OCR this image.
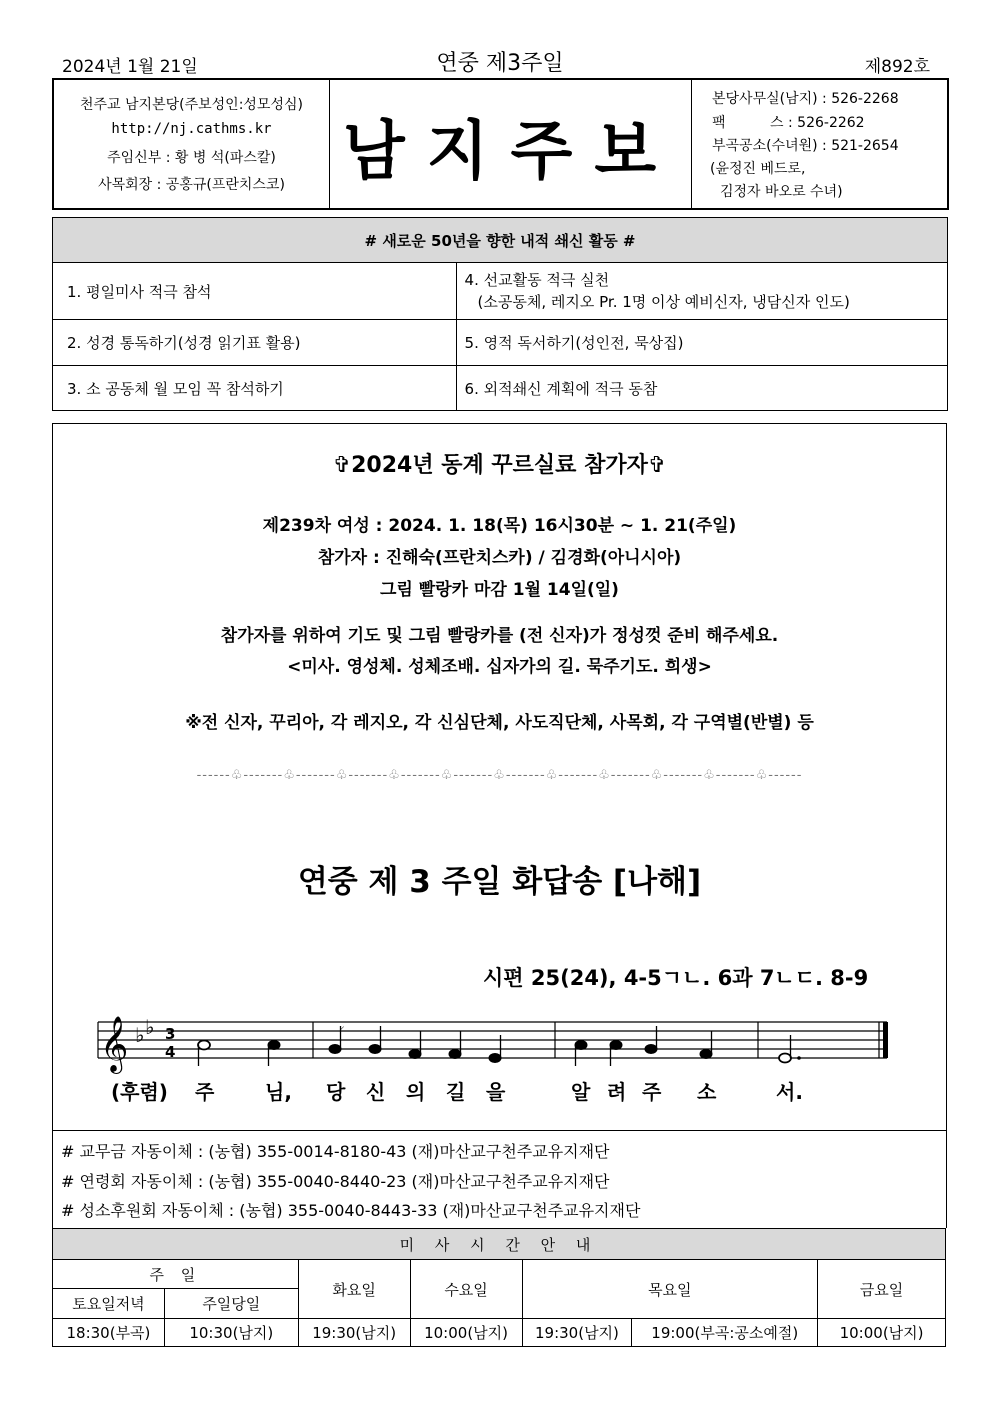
2024년 1월 21일	연중 제3주일	제892호
천주교 남지본당(주보성인:성모성심)
http://nj.cathms.kr
주임신부 : 황 병 석(파스칼)
사목회장 : 공홍규(프란치스코) 남지주보
본당사무실(남지) : 526-2268
팩          스 : 526-2262
부곡공소(수녀원) : 521-2654
(윤정진 베드로,
김정자 바오로 수녀)
# 새로운 50년을 향한 내적 쇄신 활동 #	
1. 평일미사 적극 참석	4. 선교활동 적극 실천
(소공동체, 레지오 Pr. 1명 이상 예비신자, 냉담신자 인도)

2. 성경 통독하기(성경 읽기표 활용)	5. 영적 독서하기(성인전, 묵상집)
3. 소 공동체 월 모임 꼭 참석하기	6. 외적쇄신 계획에 적극 동참
✞2024년 동계 꾸르실료 참가자✞
제239차 여성 : 2024. 1. 18(목) 16시30분 ~ 1. 21(주일)
참가자 : 진해숙(프란치스카) / 김경화(아니시아)
그림 빨랑카 마감 1월 14일(일)
참가자를 위하여 기도 및 그림 빨랑카를 (전 신자)가 정성껏 준비 해주세요.
<미사. 영성체. 성체조배. 십자가의 길. 묵주기도. 희생>
※전 신자, 꾸리아, 각 레지오, 각 신심단체, 사도직단체, 사목회, 각 구역별(반별) 등
------♧-------♧-------♧-------♧-------♧-------♧-------♧-------♧-------♧-------♧-------♧------
연중 제 3 주일 화답송 [나해]
시편 25(24), 4-5ㄱㄴ. 6과 7ㄴㄷ. 8-9
𝄞 ♭ ♭ 3
4
⸝
(후렴) 주	님, 당 신 의 길 을	알 려 주 소	서.
# 교무금 자동이체 : (농협) 355-0014-8180-43 (재)마산교구천주교유지재단
# 연령회 자동이체 : (농협) 355-0040-8440-23 (재)마산교구천주교유지재단
# 성소후원회 자동이체 : (농협) 355-0040-8443-33 (재)마산교구천주교유지재단
미 사 시 간 안 내						
주 일		화요일	수요일	목요일		금요일
토요일저녁	주일당일					
18:30(부곡)	10:30(남지)	19:30(남지)	10:00(남지)	19:30(남지)	19:00(부곡:공소예절)	10:00(남지)
